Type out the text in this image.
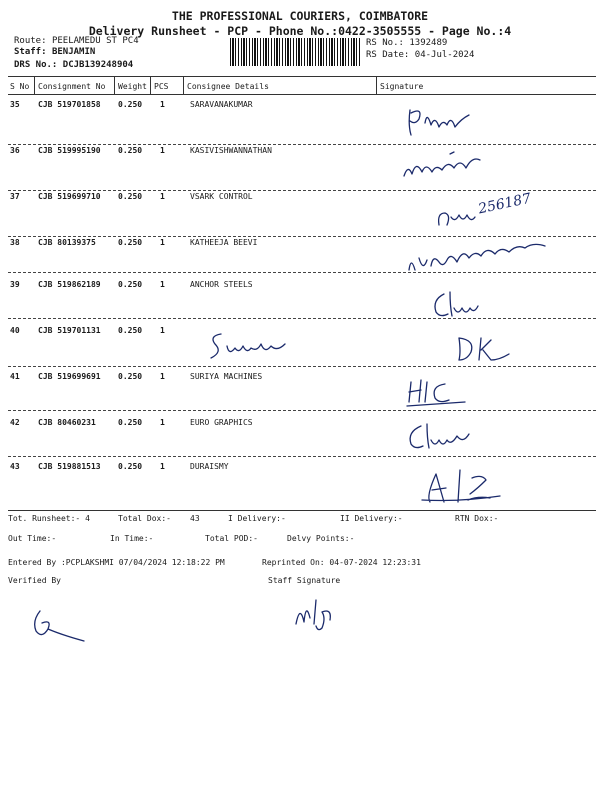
THE PROFESSIONAL COURIERS, COIMBATORE
Delivery Runsheet - PCP - Phone No.:0422-3505555 - Page No.:4
Route: PEELAMEDU ST PC4
Staff: BENJAMIN
DRS No.: DCJB139248904
RS No.: 1392489
RS Date: 04-Jul-2024
S No Consignment No Weight PCS Consignee Details	Signature
35 CJB 519701858 0.250 1	SARAVANAKUMAR
36 CJB 519995190 0.250 1	KASIVISHWANNATHAN
37 CJB 519699710 0.250 1	VSARK CONTROL	256187
38 CJB 80139375	0.250 1	KATHEEJA BEEVI
39 CJB 519862189 0.250 1	ANCHOR STEELS
40 CJB 519701131 0.250 1
41 CJB 519699691 0.250 1	SURIYA MACHINES
42 CJB 80460231	0.250 1	EURO GRAPHICS
43 CJB 519881513 0.250 1	DURAISMY
Tot. Runsheet:- 4	Total Dox:- 43	I Delivery:-	II Delivery:-	RTN Dox:-
Out Time:-	In Time:-	Total POD:-	Delvy Points:-
Entered By :PCPLAKSHMI 07/04/2024 12:18:22 PM	Reprinted On: 04-07-2024 12:23:31
Verified By	Staff Signature
